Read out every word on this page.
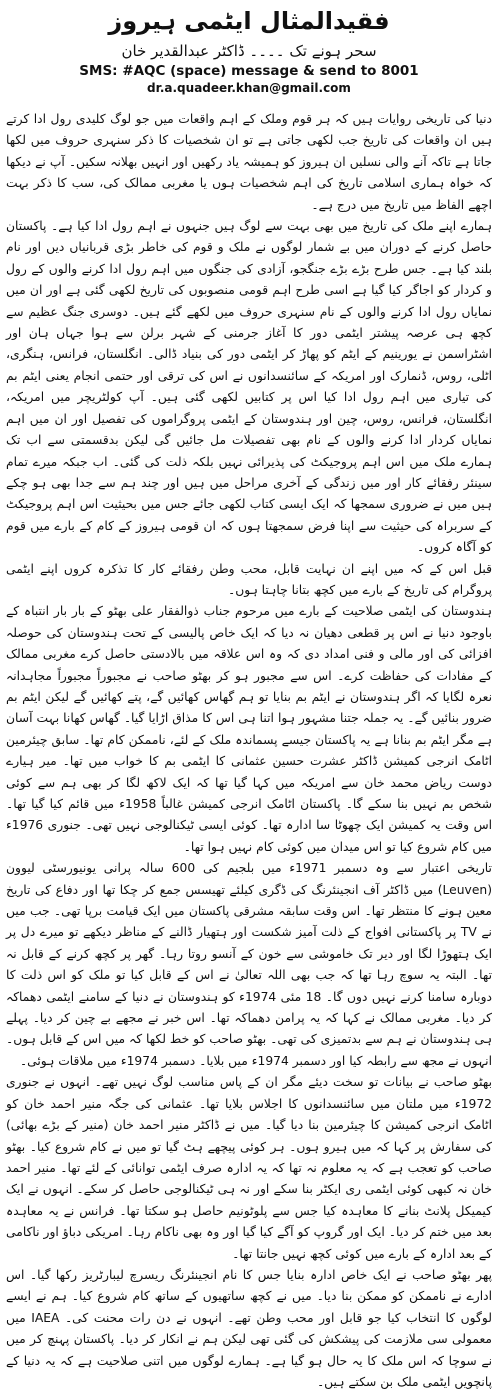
فقیدالمثال ایٹمی ہیروز
سحر ہونے تک ۔۔۔۔ ڈاکٹر عبدالقدیر خان
SMS: #AQC (space) message & send to 8001
dr.a.quadeer.khan@gmail.com

دنیا کی تاریخی روایات ہیں کہ ہر قوم وملک کے اہم واقعات میں جو لوگ کلیدی رول ادا کرتے ہیں ان واقعات کی تاریخ جب لکھی جاتی ہے تو ان شخصیات کا ذکر سنہری حروف میں لکھا جاتا ہے تاکہ آنے والی نسلیں ان ہیروز کو ہمیشہ یاد رکھیں اور انہیں بھلانہ سکیں۔ آپ نے دیکھا کہ خواہ ہماری اسلامی تاریخ کی اہم شخصیات ہوں یا مغربی ممالک کی، سب کا ذکر بہت اچھے الفاظ میں تاریخ میں درج ہے۔

ہمارے اپنے ملک کی تاریخ میں بھی بہت سے لوگ ہیں جنہوں نے اہم رول ادا کیا ہے۔ پاکستان حاصل کرنے کے دوران میں بے شمار لوگوں نے ملک و قوم کی خاطر بڑی قربانیاں دیں اور نام بلند کیا ہے۔ جس طرح بڑے بڑے جنگجو، آزادی کی جنگوں میں اہم رول ادا کرنے والوں کے رول و کردار کو اجاگر کیا گیا ہے اسی طرح اہم قومی منصوبوں کی تاریخ لکھی گئی ہے اور ان میں نمایاں رول ادا کرنے والوں کے نام سنہری حروف میں لکھے گئے ہیں۔ دوسری جنگ عظیم سے کچھ ہی عرصہ پیشتر ایٹمی دور کا آغاز جرمنی کے شہر برلن سے ہوا جہاں ہان اور اشٹراسمن نے یورینیم کے ایٹم کو پھاڑ کر ایٹمی دور کی بنیاد ڈالی۔ انگلستان، فرانس، ہنگری، اٹلی، روس، ڈنمارک اور امریکہ کے سائنسدانوں نے اس کی ترقی اور حتمی انجام یعنی ایٹم بم کی تیاری میں اہم رول ادا کیا اس پر کتابیں لکھی گئی ہیں۔ آپ کولٹریچر میں امریکہ، انگلستان، فرانس، روس، چین اور ہندوستان کے ایٹمی پروگراموں کی تفصیل اور ان میں اہم نمایاں کردار ادا کرنے والوں کے نام بھی تفصیلات مل جائیں گی لیکن بدقسمتی سے اب تک ہمارے ملک میں اس اہم پروجیکٹ کی پذیرائی نہیں بلکہ ذلت کی گئی۔ اب جبکہ میرے تمام سینئر رفقائے کار اور میں زندگی کے آخری مراحل میں ہیں اور چند ہم سے جدا بھی ہو چکے ہیں میں نے ضروری سمجھا کہ ایک ایسی کتاب لکھی جائے جس میں بحیثیت اس اہم پروجیکٹ کے سربراہ کی حیثیت سے اپنا فرض سمجھتا ہوں کہ ان قومی ہیروز کے کام کے بارے میں قوم کو آگاہ کروں۔

قبل اس کے کہ میں اپنے ان نہایت قابل، محب وطن رفقائے کار کا تذکرہ کروں اپنے ایٹمی پروگرام کی تاریخ کے بارے میں کچھ بتانا چاہتا ہوں۔

ہندوستان کی ایٹمی صلاحیت کے بارے میں مرحوم جناب ذوالفقار علی بھٹو کے بار بار انتباہ کے باوجود دنیا نے اس پر قطعی دھیان نہ دیا کہ ایک خاص پالیسی کے تحت ہندوستان کی حوصلہ افزائی کی اور مالی و فنی امداد دی کہ وہ اس علاقہ میں بالادستی حاصل کرے مغربی ممالک کے مفادات کی حفاظت کرے۔ اس سے مجبور ہو کر بھٹو صاحب نے مجبوراً مجبوراً مجاہدانہ نعرہ لگایا کہ اگر ہندوستان نے ایٹم بم بنایا تو ہم گھاس کھائیں گے، پتے کھائیں گے لیکن ایٹم بم ضرور بنائیں گے۔ یہ جملہ جتنا مشہور ہوا اتنا ہی اس کا مذاق اڑایا گیا۔ گھاس کھانا بہت آسان ہے مگر ایٹم بم بنانا ہے یہ پاکستان جیسے پسماندہ ملک کے لئے، ناممکن کام تھا۔ سابق چیئرمین اٹامک انرجی کمیشن ڈاکٹر عشرت حسین عثمانی کا ایٹمی بم کا خواب میں تھا۔ میر ہیارے دوست ریاض محمد خان سے امریکہ میں کہا گیا تھا کہ ایک لاکھ لگا کر بھی ہم سے کوئی شخص بم نہیں بنا سکے گا۔ پاکستان اٹامک انرجی کمیشن غالباً 1958ء میں قائم کیا گیا تھا۔ اس وقت یہ کمیشن ایک چھوٹا سا ادارہ تھا۔ کوئی ایسی ٹیکنالوجی نہیں تھی۔ جنوری 1976ء میں کام شروع کیا تو اس میدان میں کوئی کام نہیں ہوا تھا۔

تاریخی اعتبار سے وہ دسمبر 1971ء میں بلجیم کی 600 سالہ پرانی یونیورسٹی لیوون (Leuven) میں ڈاکٹر آف انجینئرنگ کی ڈگری کیلئے تھیسس جمع کر چکا تھا اور دفاع کی تاریخ معین ہونے کا منتظر تھا۔ اس وقت سابقہ مشرقی پاکستان میں ایک قیامت برپا تھی۔ جب میں نے TV پر پاکستانی افواج کے ذلت آمیز شکست اور ہتھیار ڈالنے کے مناظر دیکھے تو میرے دل پر ایک ہتھوڑا لگا اور دیر تک خاموشی سے خون کے آنسو روتا رہا۔ گھر پر کچھ کرنے کے قابل نہ تھا۔ البتہ یہ سوچ رہا تھا کہ جب بھی اللہ تعالیٰ نے اس کے قابل کیا تو ملک کو اس ذلت کا دوبارہ سامنا کرنے نہیں دوں گا۔ 18 مئی 1974ء کو ہندوستان نے دنیا کے سامنے ایٹمی دھماکہ کر دیا۔ مغربی ممالک نے کہا کہ یہ پرامن دھماکہ تھا۔ اس خبر نے مجھے بے چین کر دیا۔ پہلے ہی ہندوستان نے ہم سے بدتمیزی کی تھی۔ بھٹو صاحب کو خط لکھا کہ میں اس کے قابل ہوں۔ انہوں نے مجھ سے رابطہ کیا اور دسمبر 1974ء میں بلایا۔ دسمبر 1974ء میں ملاقات ہوئی۔

بھٹو صاحب نے بیانات تو سخت دیئے مگر ان کے پاس مناسب لوگ نہیں تھے۔ انہوں نے جنوری 1972ء میں ملتان میں سائنسدانوں کا اجلاس بلایا تھا۔ عثمانی کی جگہ منیر احمد خان کو اٹامک انرجی کمیشن کا چیئرمین بنا دیا گیا۔ میں نے ڈاکٹر منیر احمد خان (منیر کے بڑے بھائی) کی سفارش پر کہا کہ میں ہیرو ہوں۔ ہر کوئی پیچھے ہٹ گیا تو میں نے کام شروع کیا۔ بھٹو صاحب کو تعجب ہے کہ یہ معلوم نہ تھا کہ یہ ادارہ صرف ایٹمی توانائی کے لئے تھا۔ منیر احمد خان نہ کبھی کوئی ایٹمی ری ایکٹر بنا سکے اور نہ ہی ٹیکنالوجی حاصل کر سکے۔ انہوں نے ایک کیمیکل پلانٹ بنانے کا معاہدہ کیا جس سے پلوٹونیم حاصل ہو سکتا تھا۔ فرانس نے یہ معاہدہ بعد میں ختم کر دیا۔ ایک اور گروپ کو آگے کیا گیا اور وہ بھی ناکام رہا۔ امریکی دباؤ اور ناکامی کے بعد ادارہ کے بارے میں کوئی کچھ نہیں جانتا تھا۔

پھر بھٹو صاحب نے ایک خاص ادارہ بنایا جس کا نام انجینئرنگ ریسرچ لیبارٹریز رکھا گیا۔ اس ادارے نے ناممکن کو ممکن بنا دیا۔ میں نے کچھ ساتھیوں کے ساتھ کام شروع کیا۔ ہم نے ایسے لوگوں کا انتخاب کیا جو قابل اور محب وطن تھے۔ انہوں نے دن رات محنت کی۔ IAEA میں معمولی سی ملازمت کی پیشکش کی گئی تھی لیکن ہم نے انکار کر دیا۔ پاکستان پہنچ کر میں نے سوچا کہ اس ملک کا یہ حال ہو گیا ہے۔ ہمارے لوگوں میں اتنی صلاحیت ہے کہ یہ دنیا کے پانچویں ایٹمی ملک بن سکتے ہیں۔
